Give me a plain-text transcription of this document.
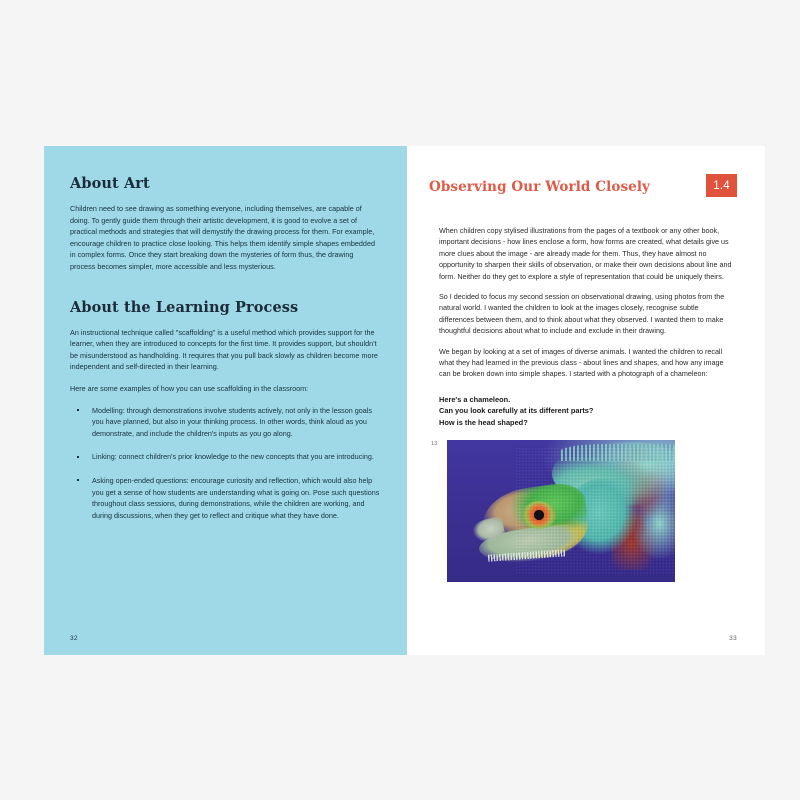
About Art

Children need to see drawing as something everyone, including themselves, are capable of doing. To gently guide them through their artistic development, it is good to evolve a set of practical methods and strategies that will demystify the drawing process for them. For example, encourage children to practice close looking. This helps them identify simple shapes embedded in complex forms. Once they start breaking down the mysteries of form thus, the drawing process becomes simpler, more accessible and less mysterious.

About the Learning Process

An instructional technique called "scaffolding" is a useful method which provides support for the learner, when they are introduced to concepts for the first time. It provides support, but shouldn't be misunderstood as handholding. It requires that you pull back slowly as children become more independent and self-directed in their learning.

Here are some examples of how you can use scaffolding in the classroom:

Modelling: through demonstrations involve students actively, not only in the lesson goals you have planned, but also in your thinking process. In other words, think aloud as you demonstrate, and include the children's inputs as you go along.
Linking: connect children's prior knowledge to the new concepts that you are introducing.
Asking open-ended questions: encourage curiosity and reflection, which would also help you get a sense of how students are understanding what is going on. Pose such questions throughout class sessions, during demonstrations, while the children are working, and during discussions, when they get to reflect and critique what they have done.
32
Observing Our World Closely	1.4

When children copy stylised illustrations from the pages of a textbook or any other book, important decisions - how lines enclose a form, how forms are created, what details give us more clues about the image - are already made for them. Thus, they have almost no opportunity to sharpen their skills of observation, or make their own decisions about line and form. Neither do they get to explore a style of representation that could be uniquely theirs.

So I decided to focus my second session on observational drawing, using photos from the natural world. I wanted the children to look at the images closely, recognise subtle differences between them, and to think about what they observed. I wanted them to make thoughtful decisions about what to include and exclude in their drawing.

We began by looking at a set of images of diverse animals. I wanted the children to recall what they had learned in the previous class - about lines and shapes, and how any image can be broken down into simple shapes. I started with a photograph of a chameleon:

Here's a chameleon.
Can you look carefully at its different parts?
How is the head shaped?
13
33
